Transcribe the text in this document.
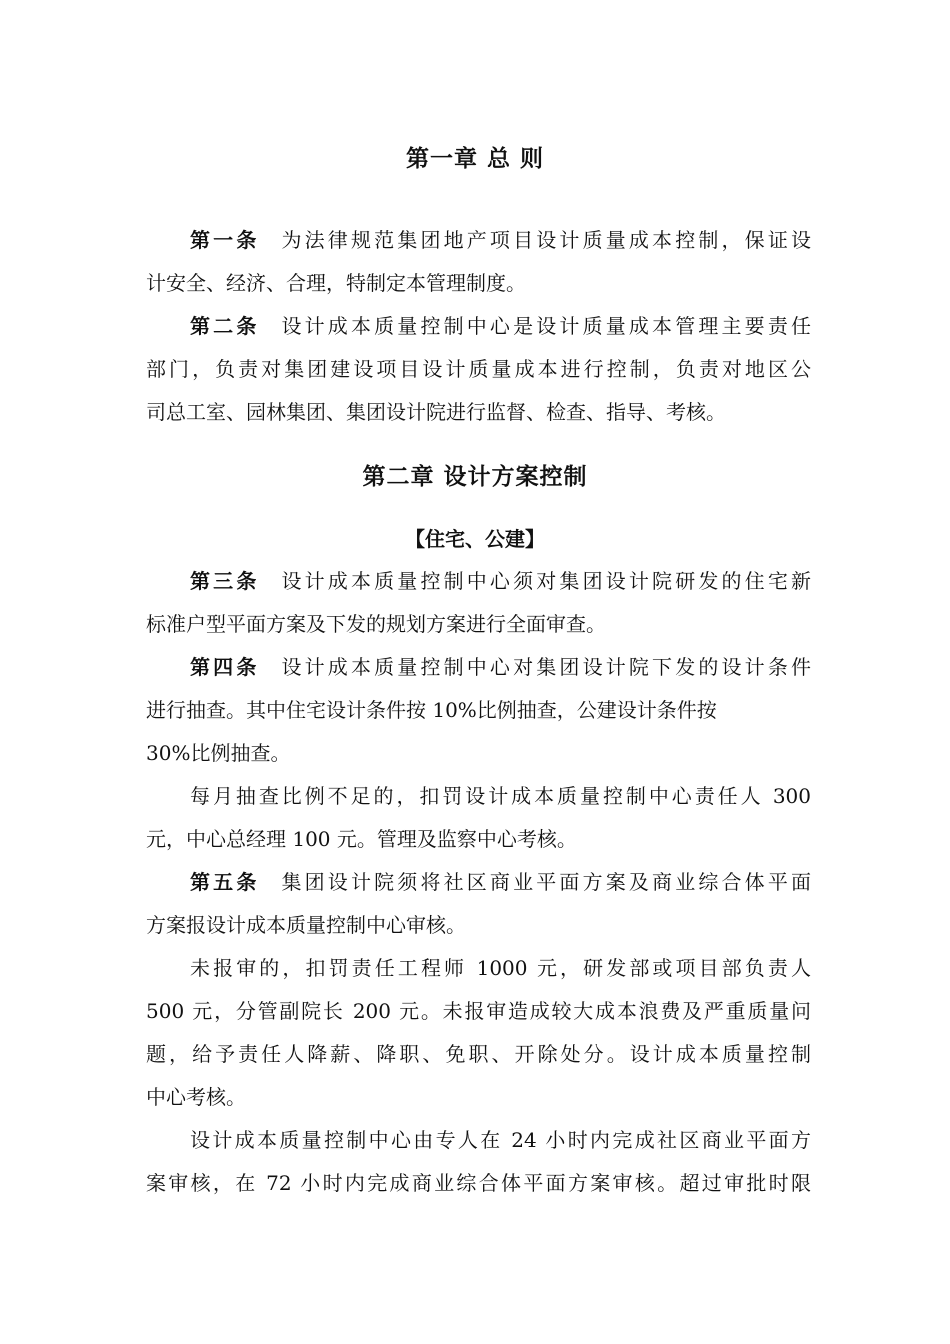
第一章 总 则
第一条 为法律规范集团地产项目设计质量成本控制，保证设
计安全、经济、合理，特制定本管理制度。
第二条 设计成本质量控制中心是设计质量成本管理主要责任
部门，负责对集团建设项目设计质量成本进行控制，负责对地区公
司总工室、园林集团、集团设计院进行监督、检查、指导、考核。
第二章 设计方案控制
【住宅、公建】
第三条 设计成本质量控制中心须对集团设计院研发的住宅新
标准户型平面方案及下发的规划方案进行全面审查。
第四条 设计成本质量控制中心对集团设计院下发的设计条件
进行抽查。其中住宅设计条件按 10%比例抽查，公建设计条件按
30%比例抽查。
每月抽查比例不足的，扣罚设计成本质量控制中心责任人 300
元，中心总经理 100 元。管理及监察中心考核。
第五条 集团设计院须将社区商业平面方案及商业综合体平面
方案报设计成本质量控制中心审核。
未报审的，扣罚责任工程师 1000 元，研发部或项目部负责人
500 元，分管副院长 200 元。未报审造成较大成本浪费及严重质量问
题，给予责任人降薪、降职、免职、开除处分。设计成本质量控制
中心考核。
设计成本质量控制中心由专人在 24 小时内完成社区商业平面方
案审核，在 72 小时内完成商业综合体平面方案审核。超过审批时限
